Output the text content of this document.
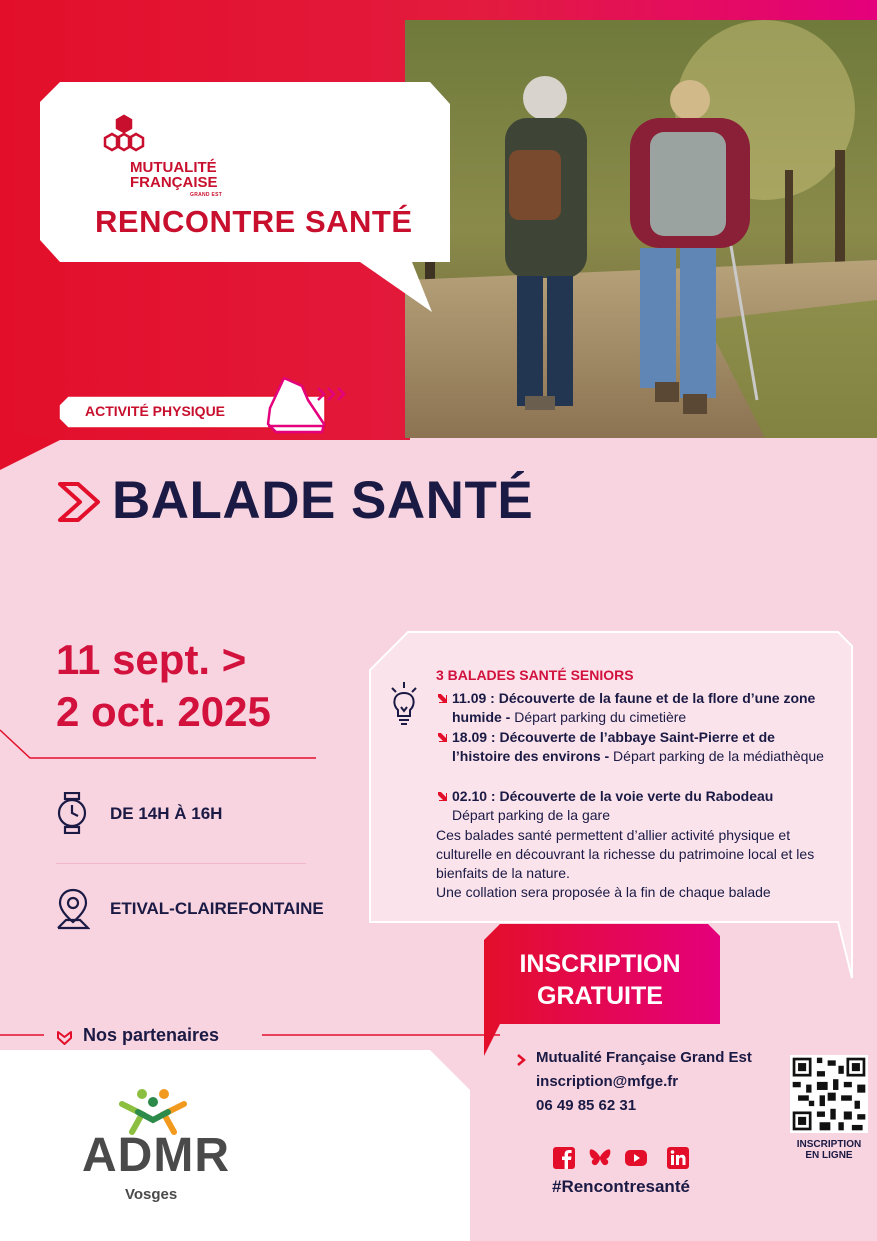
MUTUALITÉ
FRANÇAISE
GRAND EST
RENCONTRE SANTÉ
ACTIVITÉ PHYSIQUE
BALADE SANTÉ
11 sept. >
2 oct. 2025
DE 14H À 16H
ETIVAL-CLAIREFONTAINE
3 BALADES SANTÉ SENIORS
11.09 : Découverte de la faune et de la flore d’une zone humide - Départ parking du cimetière
18.09 : Découverte de l’abbaye Saint-Pierre et de l’histoire des environs - Départ parking de la médiathèque
02.10 : Découverte de la voie verte du Rabodeau
Départ parking de la gare

Ces balades santé permettent d’allier activité physique et culturelle en découvrant la richesse du patrimoine local et les bienfaits de la nature.

Une collation sera proposée à la fin de chaque balade

INSCRIPTION
GRATUITE
Mutualité Française Grand Est
inscription@mfge.fr
06 49 85 62 31
INSCRIPTION
EN LIGNE
#Rencontresanté
Nos partenaires
ADMR
Vosges
